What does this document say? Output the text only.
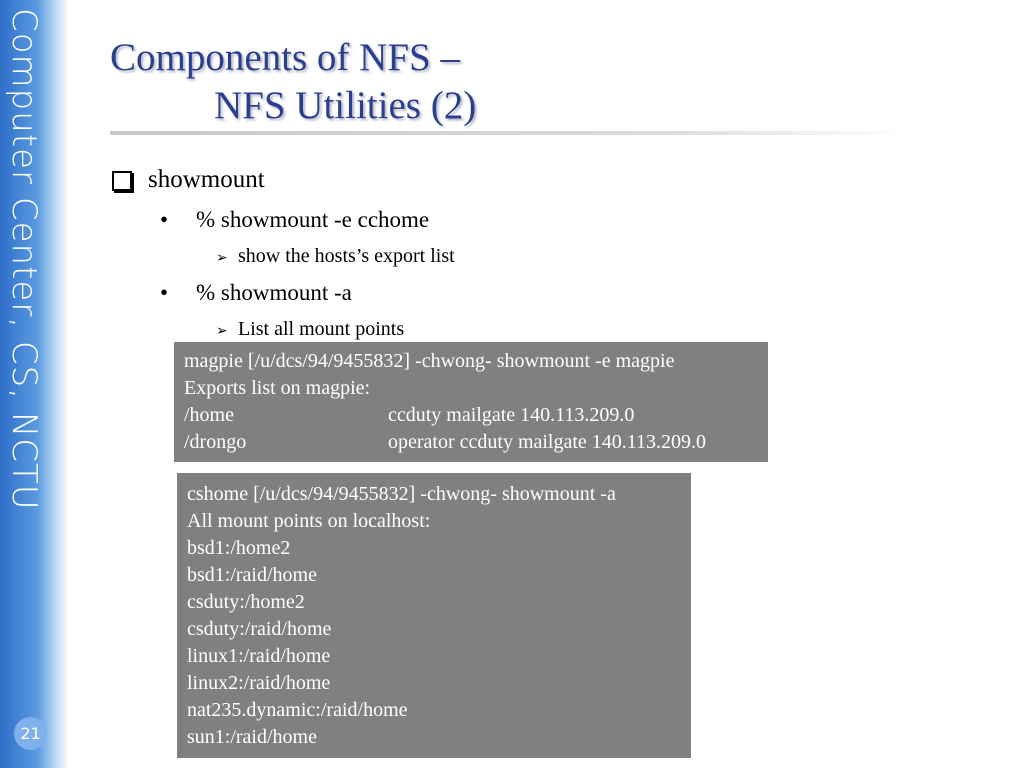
Computer Center, CS, NCTU
21
Components of NFS –
NFS Utilities (2)
showmount
• % showmount -e cchome
➢ show the hosts’s export list
• % showmount -a
➢ List all mount points
magpie [/u/dcs/94/9455832] -chwong- showmount -e magpie
Exports list on magpie:
/home	ccduty mailgate 140.113.209.0
/drongo	operator ccduty mailgate 140.113.209.0
cshome [/u/dcs/94/9455832] -chwong- showmount -a
All mount points on localhost:
bsd1:/home2
bsd1:/raid/home
csduty:/home2
csduty:/raid/home
linux1:/raid/home
linux2:/raid/home
nat235.dynamic:/raid/home
sun1:/raid/home
